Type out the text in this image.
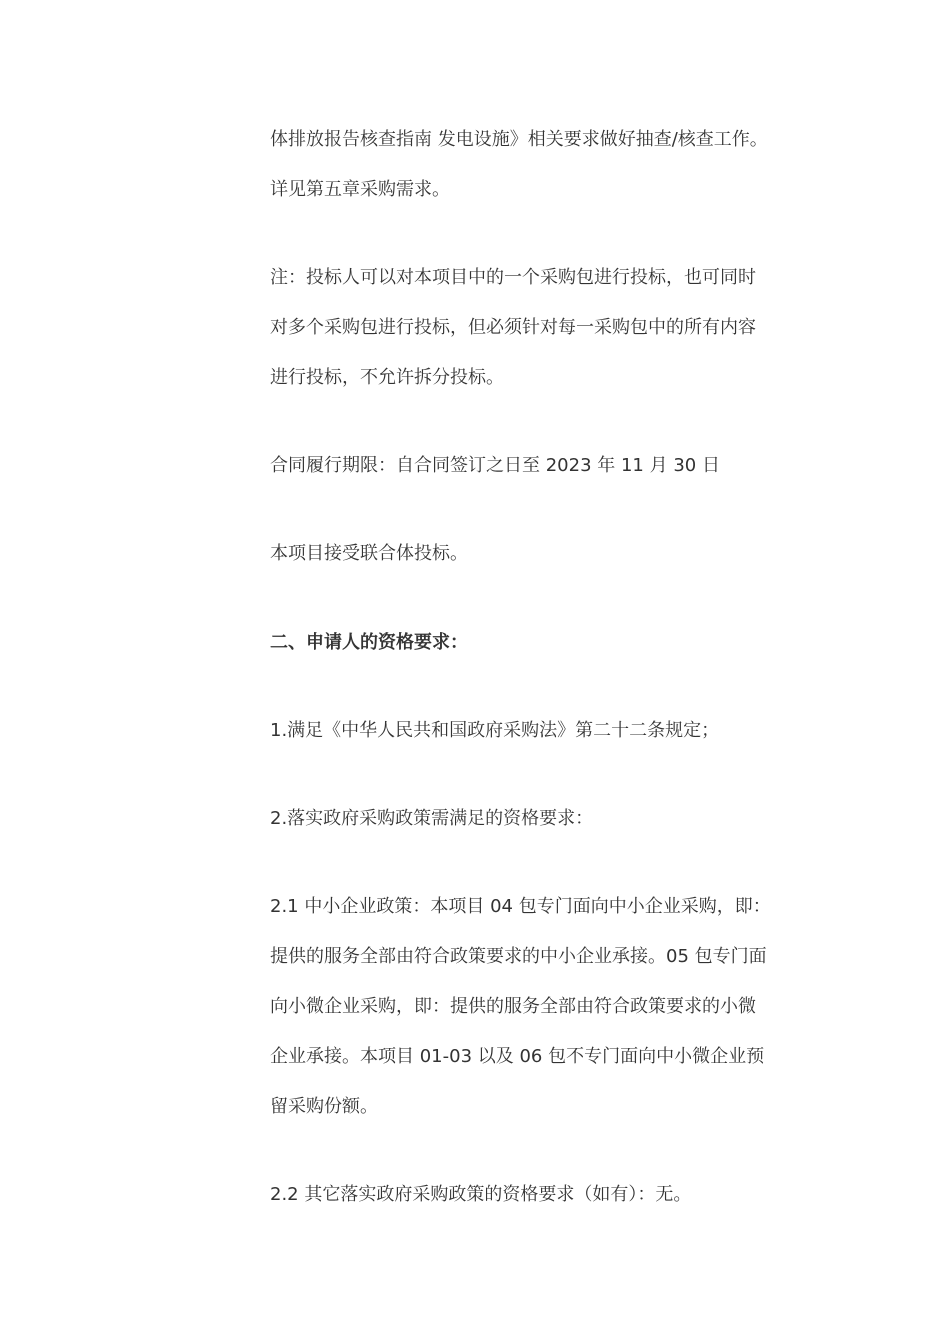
体排放报告核查指南 发电设施》相关要求做好抽查/核查工作。
详见第五章采购需求。
注：投标人可以对本项目中的一个采购包进行投标，也可同时
对多个采购包进行投标，但必须针对每一采购包中的所有内容
进行投标，不允许拆分投标。
合同履行期限：自合同签订之日至 2023 年 11 月 30 日
本项目接受联合体投标。
二、申请人的资格要求：
1.满足《中华人民共和国政府采购法》第二十二条规定；
2.落实政府采购政策需满足的资格要求：
2.1 中小企业政策：本项目 04 包专门面向中小企业采购，即：
提供的服务全部由符合政策要求的中小企业承接。05 包专门面
向小微企业采购，即：提供的服务全部由符合政策要求的小微
企业承接。本项目 01-03 以及 06 包不专门面向中小微企业预
留采购份额。
2.2 其它落实政府采购政策的资格要求（如有）：无。
